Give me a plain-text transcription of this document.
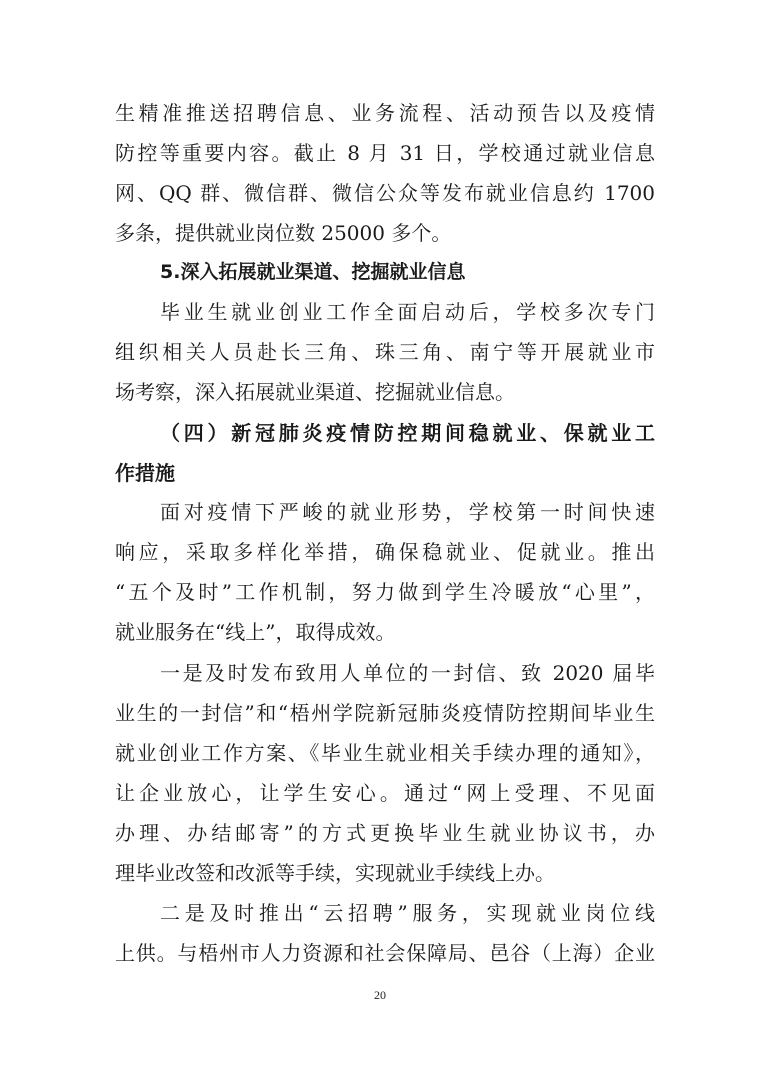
生精准推送招聘信息、业务流程、活动预告以及疫情
防控等重要内容。截止 8 月 31 日，学校通过就业信息
网、QQ 群、微信群、微信公众等发布就业信息约 1700
多条，提供就业岗位数 25000 多个。
5.深入拓展就业渠道、挖掘就业信息
毕业生就业创业工作全面启动后，学校多次专门
组织相关人员赴长三角、珠三角、南宁等开展就业市
场考察，深入拓展就业渠道、挖掘就业信息。
（四）新冠肺炎疫情防控期间稳就业、保就业工
作措施
面对疫情下严峻的就业形势，学校第一时间快速
响应，采取多样化举措，确保稳就业、促就业。推出
“五个及时”工作机制，努力做到学生冷暖放“心里”，
就业服务在“线上”，取得成效。
一是及时发布致用人单位的一封信、致 2020 届毕
业生的一封信”和“梧州学院新冠肺炎疫情防控期间毕业生
就业创业工作方案、《毕业生就业相关手续办理的通知》，
让企业放心，让学生安心。通过“网上受理、不见面
办理、办结邮寄”的方式更换毕业生就业协议书，办
理毕业改签和改派等手续，实现就业手续线上办。
二是及时推出“云招聘”服务，实现就业岗位线
上供。与梧州市人力资源和社会保障局、邑谷（上海）企业
20
